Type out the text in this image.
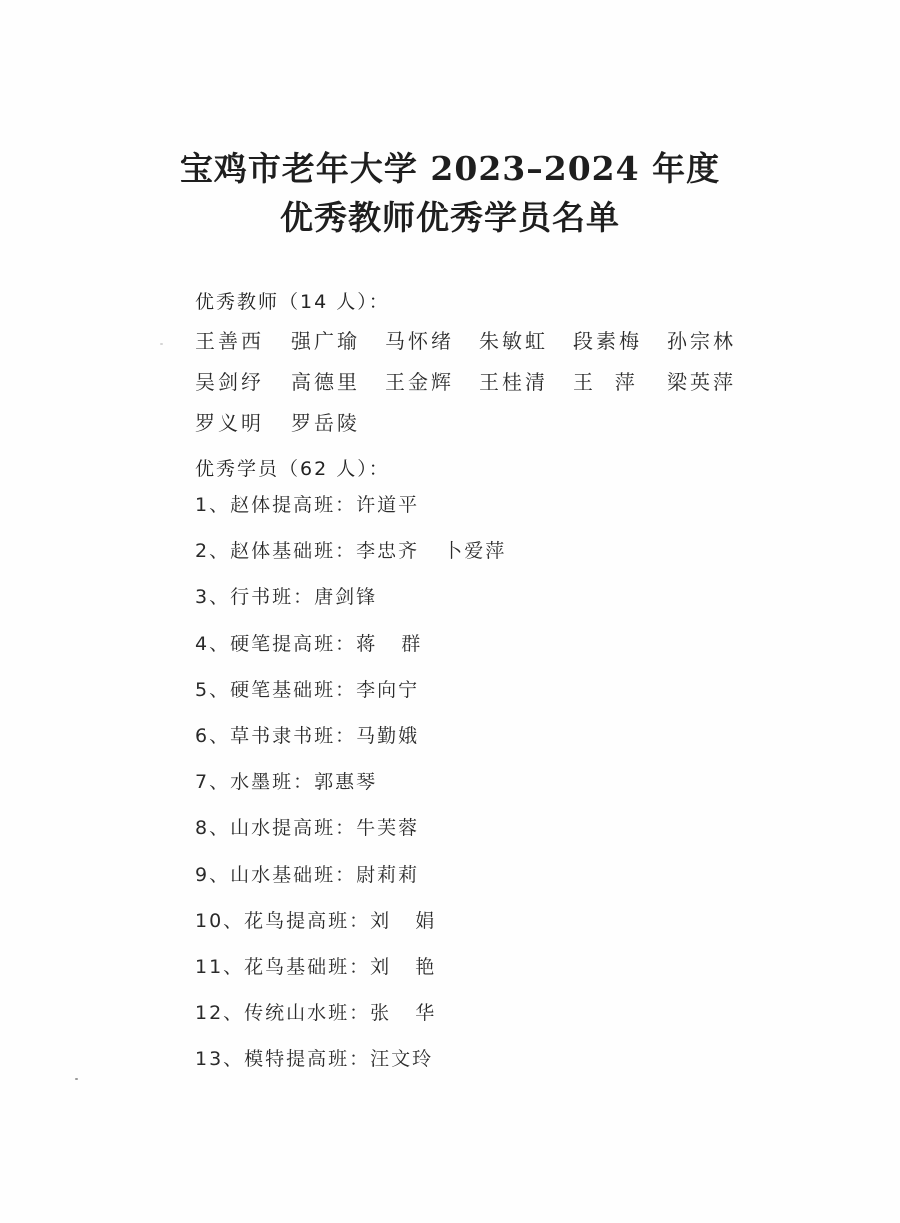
宝鸡市老年大学 2023–2024 年度
优秀教师优秀学员名单
优秀教师（14 人）：
王善西 强广瑜 马怀绪 朱敏虹 段素梅 孙宗林
吴剑纾 高德里 王金辉 王桂清 王  萍 梁英萍
罗义明 罗岳陵
优秀学员（62 人）：
1、赵体提高班：许道平
2、赵体基础班：李忠齐   卜爱萍
3、行书班：唐剑锋
4、硬笔提高班：蒋   群
5、硬笔基础班：李向宁
6、草书隶书班：马勤娥
7、水墨班：郭惠琴
8、山水提高班：牛芙蓉
9、山水基础班：尉莉莉
10、花鸟提高班：刘   娟
11、花鸟基础班：刘   艳
12、传统山水班：张   华
13、模特提高班：汪文玲
